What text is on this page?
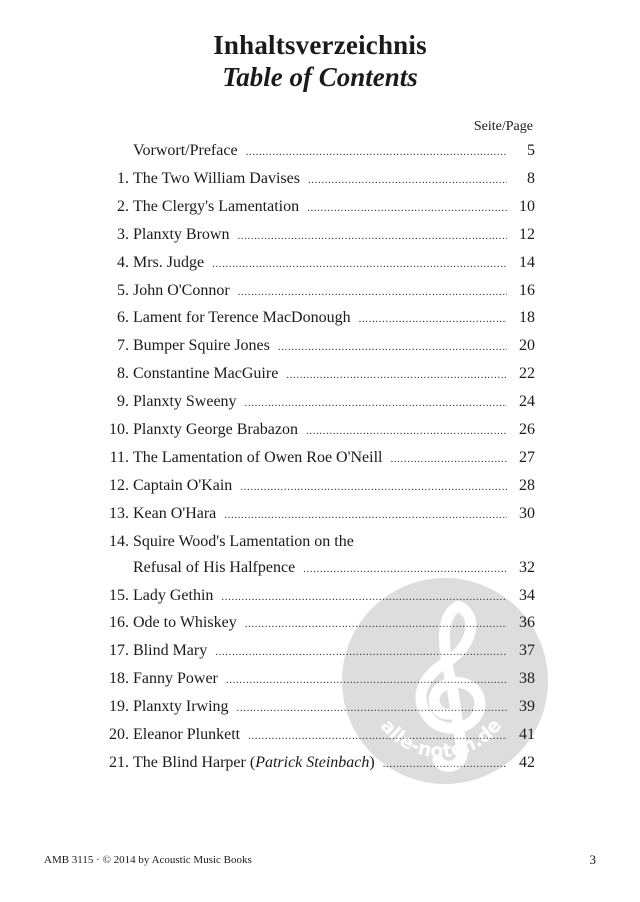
Inhaltsverzeichnis
Table of Contents
Seite/Page
Vorwort/Preface .....	5
1. The Two William Davises .....	8
2. The Clergy's Lamentation .....	10
3. Planxty Brown .....	12
4. Mrs. Judge .....	14
5. John O'Connor .....	16
6. Lament for Terence MacDonough .....	18
7. Bumper Squire Jones .....	20
8. Constantine MacGuire .....	22
9. Planxty Sweeny .....	24
10. Planxty George Brabazon .....	26
11. The Lamentation of Owen Roe O'Neill .....	27
12. Captain O'Kain .....	28
13. Kean O'Hara .....	30
14. Squire Wood's Lamentation on the
Refusal of His Halfpence .....	32
15. Lady Gethin .....	34
16. Ode to Whiskey .....	36
17. Blind Mary .....	37
18. Fanny Power .....	38
19. Planxty Irwing .....	39
20. Eleanor Plunkett .....	41
21. The Blind Harper (Patrick Steinbach) .....	42
AMB 3115 · © 2014 by Acoustic Music Books	3
alle-noten.de
